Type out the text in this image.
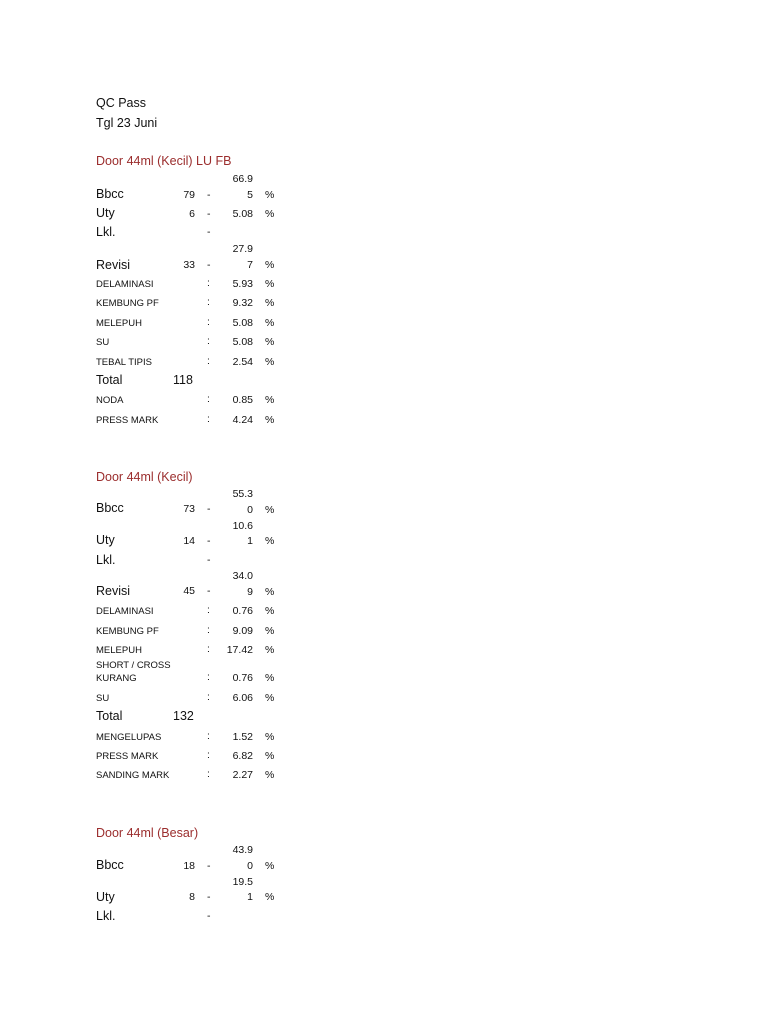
QC Pass
Tgl 23 Juni
Door 44ml (Kecil) LU FB
66.9
Bbcc	79 -	5 %
Uty	6 -	5.08 %
Lkl.	-
27.9
Revisi	33 -	7 %
DELAMINASI	:	5.93 %
KEMBUNG PF	:	9.32 %
MELEPUH	:	5.08 %
SU	:	5.08 %
TEBAL TIPIS	:	2.54 %
Total	118
NODA	:	0.85 %
PRESS MARK	:	4.24 %
Door 44ml (Kecil)
55.3
Bbcc	73 -	0 %
10.6
Uty	14 -	1 %
Lkl.	-
34.0
Revisi	45 -	9 %
DELAMINASI	:	0.76 %
KEMBUNG PF	:	9.09 %
MELEPUH	:	17.42 %
SHORT / CROSS
KURANG	:	0.76 %
SU	:	6.06 %
Total	132
MENGELUPAS	:	1.52 %
PRESS MARK	:	6.82 %
SANDING MARK	:	2.27 %
Door 44ml (Besar)
43.9
Bbcc	18 -	0 %
19.5
Uty	8 -	1 %
Lkl.	-
